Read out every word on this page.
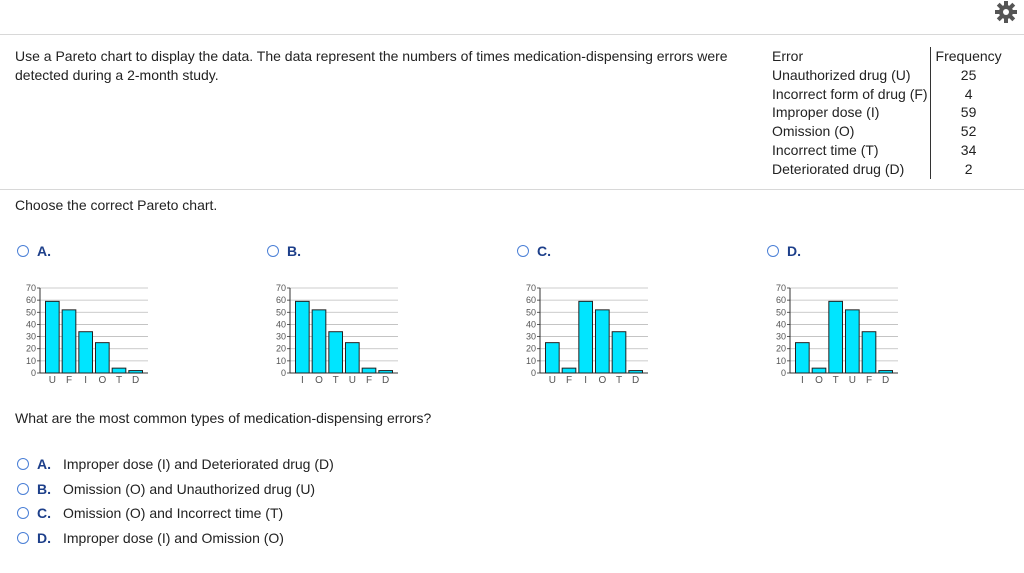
Use a Pareto chart to display the data. The data represent the numbers of times medication-dispensing errors were detected during a 2-month study.
Error	Frequency
Unauthorized drug (U)	25
Incorrect form of drug (F)	4
Improper dose (I)	59
Omission (O)	52
Incorrect time (T)	34
Deteriorated drug (D)	2
Choose the correct Pareto chart.
A.	B.	C.	D.
0
10
20
30
40
50
60
70
U F I O T D
0
10
20
30
40
50
60
70
I O T U F D
0
10
20
30
40
50
60
70
U F I O T D
0
10
20
30
40
50
60
70
I O T U F D
What are the most common types of medication-dispensing errors?
A. Improper dose (I) and Deteriorated drug (D)
B. Omission (O) and Unauthorized drug (U)
C. Omission (O) and Incorrect time (T)
D. Improper dose (I) and Omission (O)
